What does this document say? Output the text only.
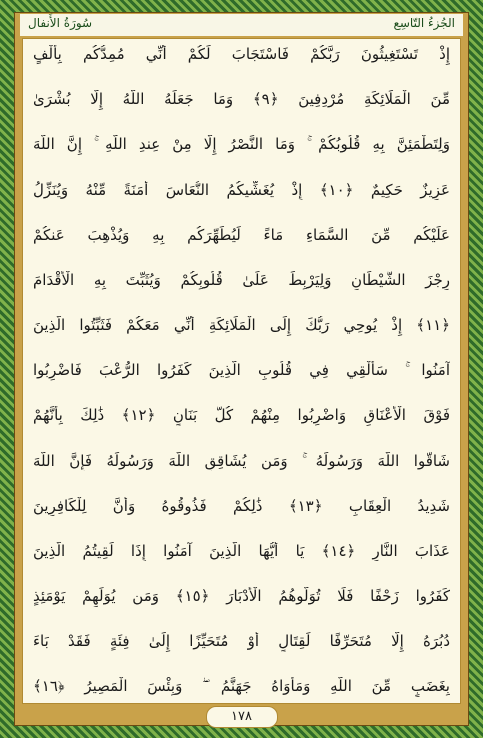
سُورَةُ الأَنفال	الجُزءُ التّاسِع
إِذْ تَسْتَغِيثُونَ رَبَّكُمْ فَاسْتَجَابَ لَكُمْ أَنِّي مُمِدُّكُم بِأَلْفٍ
مِّنَ الْمَلَائِكَةِ مُرْدِفِينَ ﴿٩﴾ وَمَا جَعَلَهُ اللَّهُ إِلَّا بُشْرَىٰ
وَلِتَطْمَئِنَّ بِهِ قُلُوبُكُمْ ۚ وَمَا النَّصْرُ إِلَّا مِنْ عِندِ اللَّهِ ۚ إِنَّ اللَّهَ
عَزِيزٌ حَكِيمٌ ﴿١٠﴾ إِذْ يُغَشِّيكُمُ النُّعَاسَ أَمَنَةً مِّنْهُ وَيُنَزِّلُ
عَلَيْكُم مِّنَ السَّمَاءِ مَاءً لِّيُطَهِّرَكُم بِهِ وَيُذْهِبَ عَنكُمْ
رِجْزَ الشَّيْطَانِ وَلِيَرْبِطَ عَلَىٰ قُلُوبِكُمْ وَيُثَبِّتَ بِهِ الْأَقْدَامَ
﴿١١﴾ إِذْ يُوحِي رَبُّكَ إِلَى الْمَلَائِكَةِ أَنِّي مَعَكُمْ فَثَبِّتُوا الَّذِينَ
آمَنُوا ۚ سَأُلْقِي فِي قُلُوبِ الَّذِينَ كَفَرُوا الرُّعْبَ فَاضْرِبُوا
فَوْقَ الْأَعْنَاقِ وَاضْرِبُوا مِنْهُمْ كُلَّ بَنَانٍ ﴿١٢﴾ ذَٰلِكَ بِأَنَّهُمْ
شَاقُّوا اللَّهَ وَرَسُولَهُ ۚ وَمَن يُشَاقِقِ اللَّهَ وَرَسُولَهُ فَإِنَّ اللَّهَ
شَدِيدُ الْعِقَابِ ﴿١٣﴾ ذَٰلِكُمْ فَذُوقُوهُ وَأَنَّ لِلْكَافِرِينَ
عَذَابَ النَّارِ ﴿١٤﴾ يَا أَيُّهَا الَّذِينَ آمَنُوا إِذَا لَقِيتُمُ الَّذِينَ
كَفَرُوا زَحْفًا فَلَا تُوَلُّوهُمُ الْأَدْبَارَ ﴿١٥﴾ وَمَن يُوَلِّهِمْ يَوْمَئِذٍ
دُبُرَهُ إِلَّا مُتَحَرِّفًا لِّقِتَالٍ أَوْ مُتَحَيِّزًا إِلَىٰ فِئَةٍ فَقَدْ بَاءَ
بِغَضَبٍ مِّنَ اللَّهِ وَمَأْوَاهُ جَهَنَّمُ ۖ وَبِئْسَ الْمَصِيرُ ﴿١٦﴾
١٧٨
